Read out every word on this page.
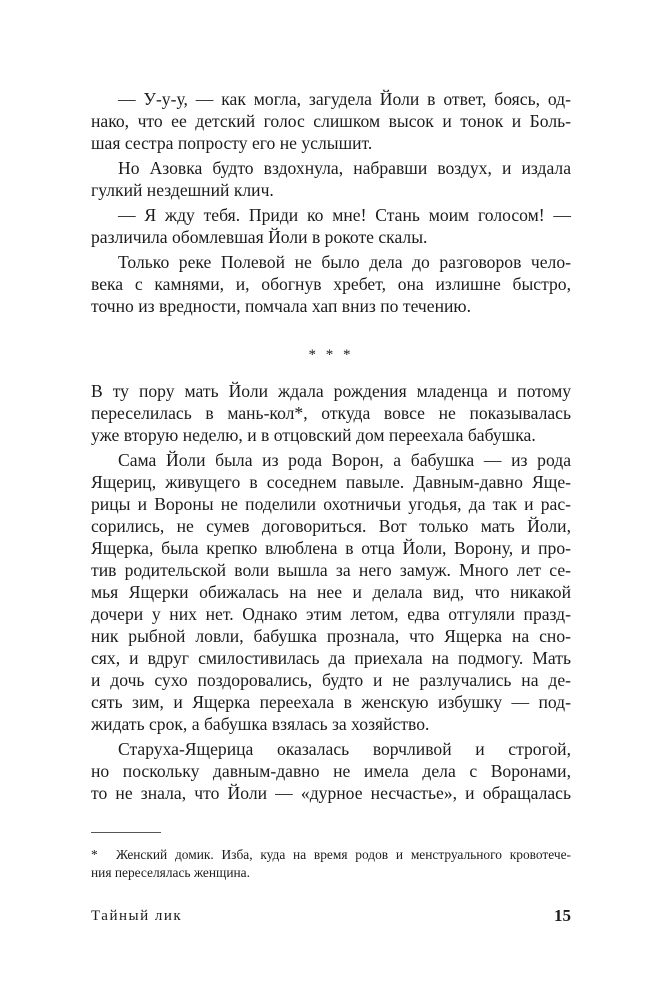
— У-у-у, — как могла, загудела Йоли в ответ, боясь, од-
нако, что ее детский голос слишком высок и тонок и Боль-
шая сестра попросту его не услышит.
Но Азовка будто вздохнула, набравши воздух, и издала
гулкий нездешний клич.
— Я жду тебя. Приди ко мне! Стань моим голосом! —
различила обомлевшая Йоли в рокоте скалы.
Только реке Полевой не было дела до разговоров чело-
века с камнями, и, обогнув хребет, она излишне быстро,
точно из вредности, помчала хап вниз по течению.
* * *
В ту пору мать Йоли ждала рождения младенца и потому
переселилась в мань-кол*, откуда вовсе не показывалась
уже вторую неделю, и в отцовский дом переехала бабушка.
Сама Йоли была из рода Ворон, а бабушка — из рода
Ящериц, живущего в соседнем павыле. Давным-давно Яще-
рицы и Вороны не поделили охотничьи угодья, да так и рас-
сорились, не сумев договориться. Вот только мать Йоли,
Ящерка, была крепко влюблена в отца Йоли, Ворону, и про-
тив родительской воли вышла за него замуж. Много лет се-
мья Ящерки обижалась на нее и делала вид, что никакой
дочери у них нет. Однако этим летом, едва отгуляли празд-
ник рыбной ловли, бабушка прознала, что Ящерка на сно-
сях, и вдруг смилостивилась да приехала на подмогу. Мать
и дочь сухо поздоровались, будто и не разлучались на де-
сять зим, и Ящерка переехала в женскую избушку — под-
жидать срок, а бабушка взялась за хозяйство.
Старуха-Ящерица оказалась ворчливой и строгой,
но поскольку давным-давно не имела дела с Воронами,
то не знала, что Йоли — «дурное несчастье», и обращалась
* Женский домик. Изба, куда на время родов и менструального кровотече-
ния переселялась женщина.
Тайный лик	15
